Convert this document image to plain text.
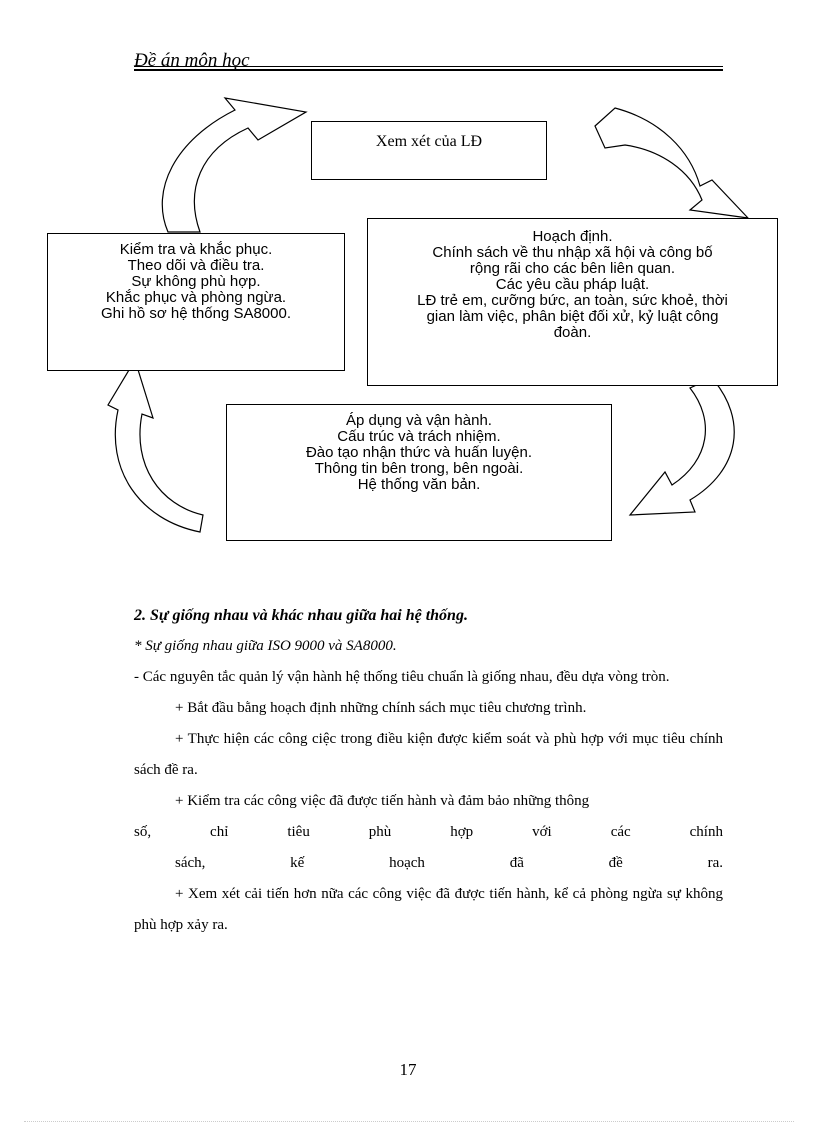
Đề án môn học
Xem xét của LĐ
Kiểm tra và khắc phục.
Theo dõi và điều tra.
Sự không phù hợp.
Khắc phục và phòng ngừa.
Ghi hồ sơ hệ thống SA8000.
Hoạch định.
Chính sách về thu nhập xã hội và công bố
rộng rãi cho các bên liên quan.
Các yêu cầu pháp luật.
LĐ trẻ em, cưỡng bức, an toàn, sức khoẻ, thời
gian làm việc, phân biệt đối xử, kỷ luật công
đoàn.
Áp dụng và vận hành.
Cấu trúc và trách nhiệm.
Đào tạo nhận thức và huấn luyện.
Thông tin bên trong, bên ngoài.
Hệ thống văn bản.
2. Sự giống nhau và khác nhau giữa hai hệ thống.
* Sự giống nhau giữa ISO 9000 và SA8000.
- Các nguyên tắc quản lý vận hành hệ thống tiêu chuẩn là giống nhau, đều dựa vòng tròn.
+ Bắt đầu bằng hoạch định những chính sách mục tiêu chương trình.
+ Thực hiện các công ciệc trong điều kiện được kiểm soát và phù hợp với mục tiêu chính sách đề ra.
+ Kiểm tra các công việc đã được tiến hành và đảm bảo những thông
số,	chỉ	tiêu	phù	hợp	với	các	chính
sách,	kế	hoạch	đã	đề	ra.
+ Xem xét cải tiến hơn nữa các công việc đã được tiến hành, kể cả phòng ngừa sự không phù hợp xảy ra.
17
